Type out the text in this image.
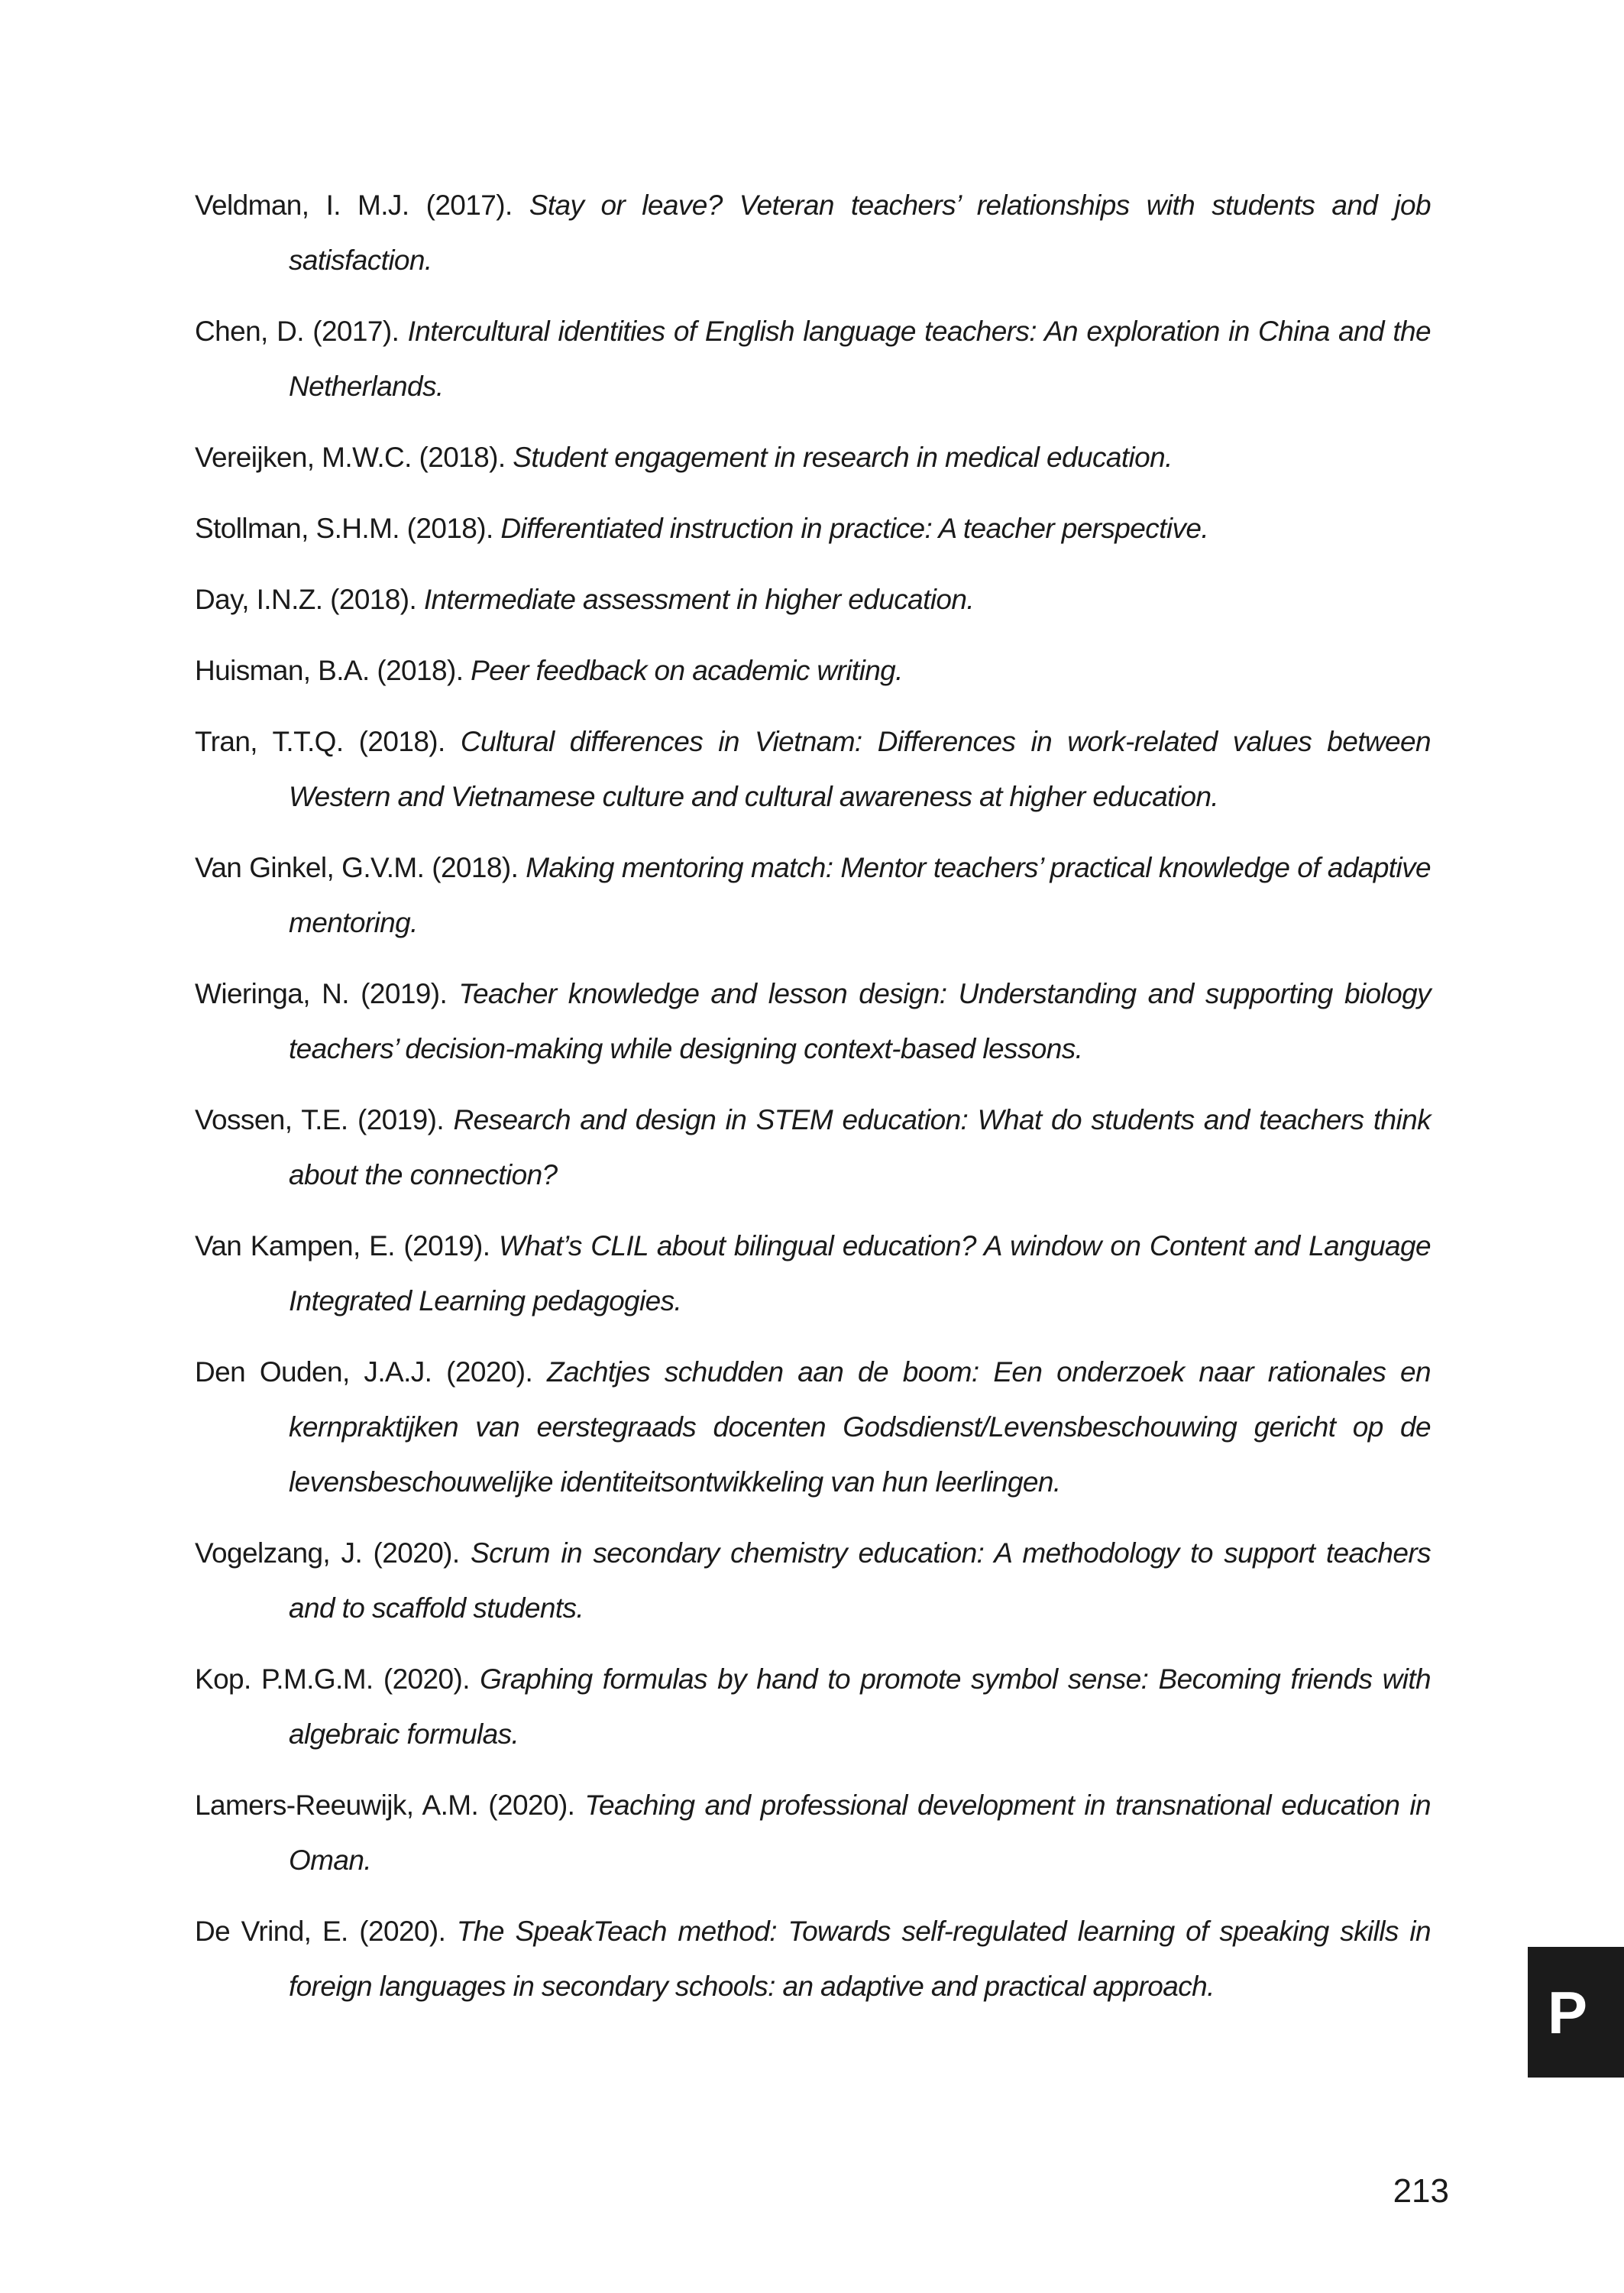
Veldman, I. M.J. (2017). Stay or leave? Veteran teachers’ relationships with students and job satisfaction.

Chen, D. (2017). Intercultural identities of English language teachers: An exploration in China and the Netherlands.

Vereijken, M.W.C. (2018). Student engagement in research in medical education.

Stollman, S.H.M. (2018). Differentiated instruction in practice: A teacher perspective.

Day, I.N.Z. (2018). Intermediate assessment in higher education.

Huisman, B.A. (2018). Peer feedback on academic writing.

Tran, T.T.Q. (2018). Cultural differences in Vietnam: Differences in work-related values between Western and Vietnamese culture and cultural awareness at higher education.

Van Ginkel, G.V.M. (2018). Making mentoring match: Mentor teachers’ practical knowledge of adaptive mentoring.

Wieringa, N. (2019). Teacher knowledge and lesson design: Understanding and supporting biology teachers’ decision-making while designing context-based lessons.

Vossen, T.E. (2019). Research and design in STEM education: What do students and teachers think about the connection?

Van Kampen, E. (2019). What’s CLIL about bilingual education? A window on Content and Language Integrated Learning pedagogies.

Den Ouden, J.A.J. (2020). Zachtjes schudden aan de boom: Een onderzoek naar rationales en kernpraktijken van eerstegraads docenten Godsdienst/Levensbeschouwing gericht op de levensbeschouwelijke identiteitsontwikkeling van hun leerlingen.

Vogelzang, J. (2020). Scrum in secondary chemistry education: A methodology to support teachers and to scaffold students.

Kop. P.M.G.M. (2020). Graphing formulas by hand to promote symbol sense: Becoming friends with algebraic formulas.

Lamers-Reeuwijk, A.M. (2020). Teaching and professional development in transnational education in Oman.

De Vrind, E. (2020). The SpeakTeach method: Towards self-regulated learning of speaking skills in foreign languages in secondary schools: an adaptive and practical approach.	P
213
